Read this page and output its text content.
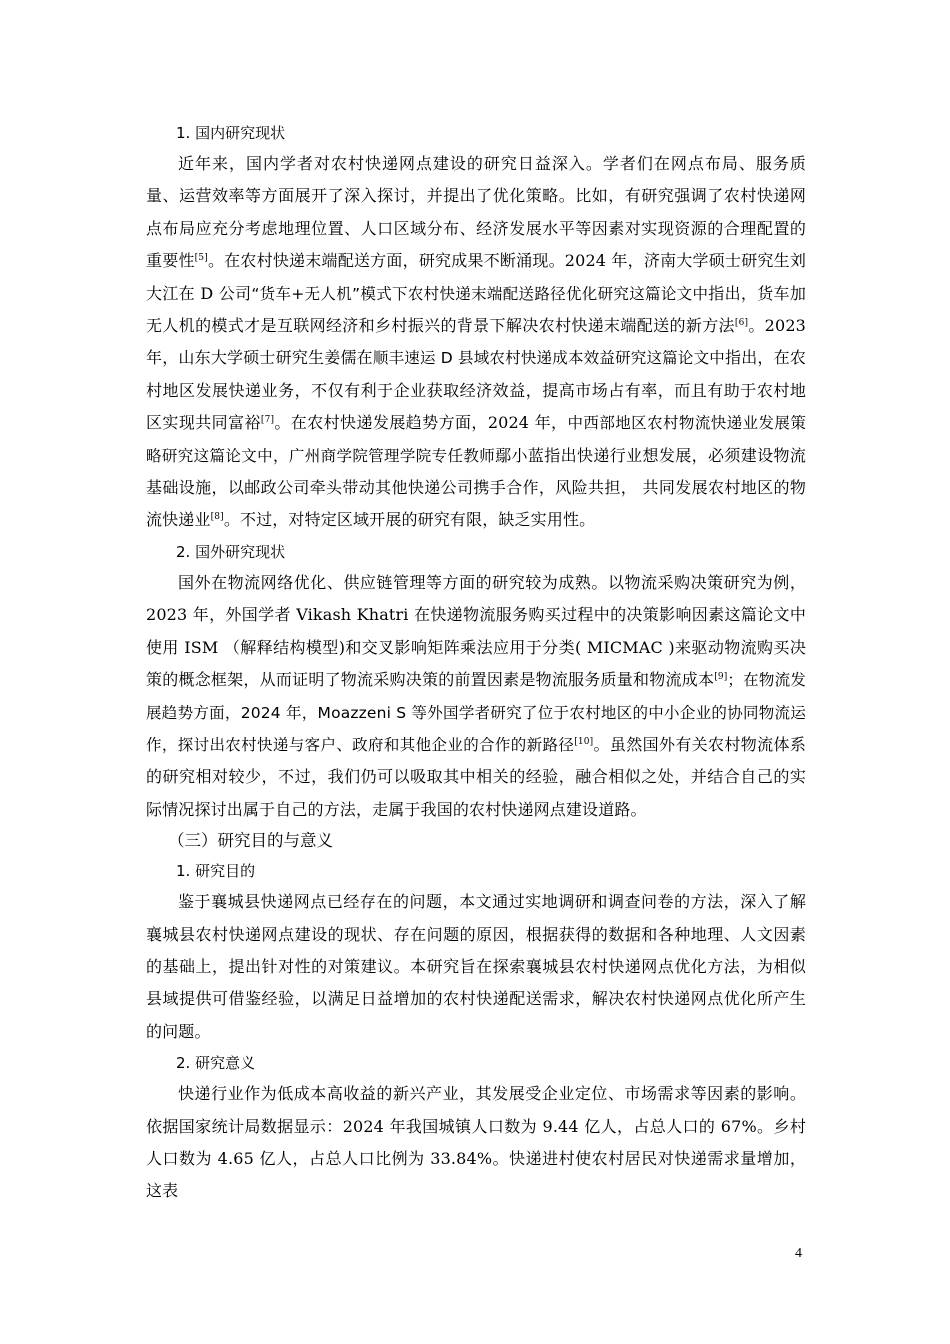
1. 国内研究现状

近年来，国内学者对农村快递网点建设的研究日益深入。学者们在网点布局、服务质量、运营效率等方面展开了深入探讨，并提出了优化策略。比如，有研究强调了农村快递网点布局应充分考虑地理位置、人口区域分布、经济发展水平等因素对实现资源的合理配置的重要性[5]。在农村快递末端配送方面，研究成果不断涌现。2024 年，济南大学硕士研究生刘大江在 D 公司“货车+无人机”模式下农村快递末端配送路径优化研究这篇论文中指出，货车加无人机的模式才是互联网经济和乡村振兴的背景下解决农村快递末端配送的新方法[6]。2023 年，山东大学硕士研究生姜儒在顺丰速运 D 县域农村快递成本效益研究这篇论文中指出，在农村地区发展快递业务，不仅有利于企业获取经济效益，提高市场占有率，而且有助于农村地区实现共同富裕[7]。在农村快递发展趋势方面，2024 年，中西部地区农村物流快递业发展策略研究这篇论文中，广州商学院管理学院专任教师鄢小蓝指出快递行业想发展，必须建设物流基础设施，以邮政公司牵头带动其他快递公司携手合作，风险共担， 共同发展农村地区的物流快递业[8]。不过，对特定区域开展的研究有限，缺乏实用性。

2. 国外研究现状

国外在物流网络优化、供应链管理等方面的研究较为成熟。以物流采购决策研究为例，2023 年，外国学者 Vikash Khatri 在快递物流服务购买过程中的决策影响因素这篇论文中使用 ISM （解释结构模型)和交叉影响矩阵乘法应用于分类( MICMAC )来驱动物流购买决策的概念框架，从而证明了物流采购决策的前置因素是物流服务质量和物流成本[9]；在物流发展趋势方面，2024 年，Moazzeni S 等外国学者研究了位于农村地区的中小企业的协同物流运作，探讨出农村快递与客户、政府和其他企业的合作的新路径[10]。虽然国外有关农村物流体系的研究相对较少，不过，我们仍可以吸取其中相关的经验，融合相似之处，并结合自己的实际情况探讨出属于自己的方法，走属于我国的农村快递网点建设道路。

（三）研究目的与意义
1. 研究目的

鉴于襄城县快递网点已经存在的问题，本文通过实地调研和调查问卷的方法，深入了解襄城县农村快递网点建设的现状、存在问题的原因，根据获得的数据和各种地理、人文因素的基础上，提出针对性的对策建议。本研究旨在探索襄城县农村快递网点优化方法，为相似县域提供可借鉴经验，以满足日益增加的农村快递配送需求，解决农村快递网点优化所产生的问题。

2. 研究意义

快递行业作为低成本高收益的新兴产业，其发展受企业定位、市场需求等因素的影响。依据国家统计局数据显示：2024 年我国城镇人口数为 9.44 亿人，占总人口的 67%。乡村人口数为 4.65 亿人，占总人口比例为 33.84%。快递进村使农村居民对快递需求量增加，这表

4
